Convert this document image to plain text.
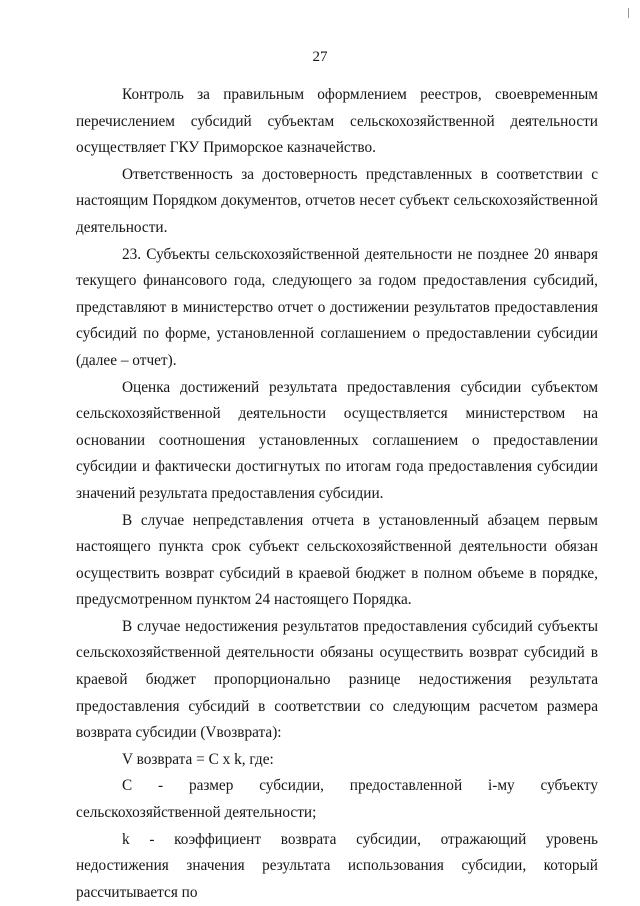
27

Контроль за правильным оформлением реестров, своевременным перечислением субсидий субъектам сельскохозяйственной деятельности осуществляет ГКУ Приморское казначейство.

Ответственность за достоверность представленных в соответствии с настоящим Порядком документов, отчетов несет субъект сельскохозяйственной деятельности.

23. Субъекты сельскохозяйственной деятельности не позднее 20 января текущего финансового года, следующего за годом предоставления субсидий, представляют в министерство отчет о достижении результатов предоставления субсидий по форме, установленной соглашением о предоставлении субсидии (далее – отчет).

Оценка достижений результата предоставления субсидии субъектом сельскохозяйственной деятельности осуществляется министерством на основании соотношения установленных соглашением о предоставлении субсидии и фактически достигнутых по итогам года предоставления субсидии значений результата предоставления субсидии.

В случае непредставления отчета в установленный абзацем первым настоящего пункта срок субъект сельскохозяйственной деятельности обязан осуществить возврат субсидий в краевой бюджет в полном объеме в порядке, предусмотренном пунктом 24 настоящего Порядка.

В случае недостижения результатов предоставления субсидий субъекты сельскохозяйственной деятельности обязаны осуществить возврат субсидий в краевой бюджет пропорционально разнице недостижения результата предоставления субсидий в соответствии со следующим расчетом размера возврата субсидии (Vвозврата):

V возврата = C x k, где:

С - размер субсидии, предоставленной i-му субъекту
сельскохозяйственной деятельности;

k - коэффициент возврата субсидии, отражающий уровень недостижения значения результата использования субсидии, который рассчитывается по
